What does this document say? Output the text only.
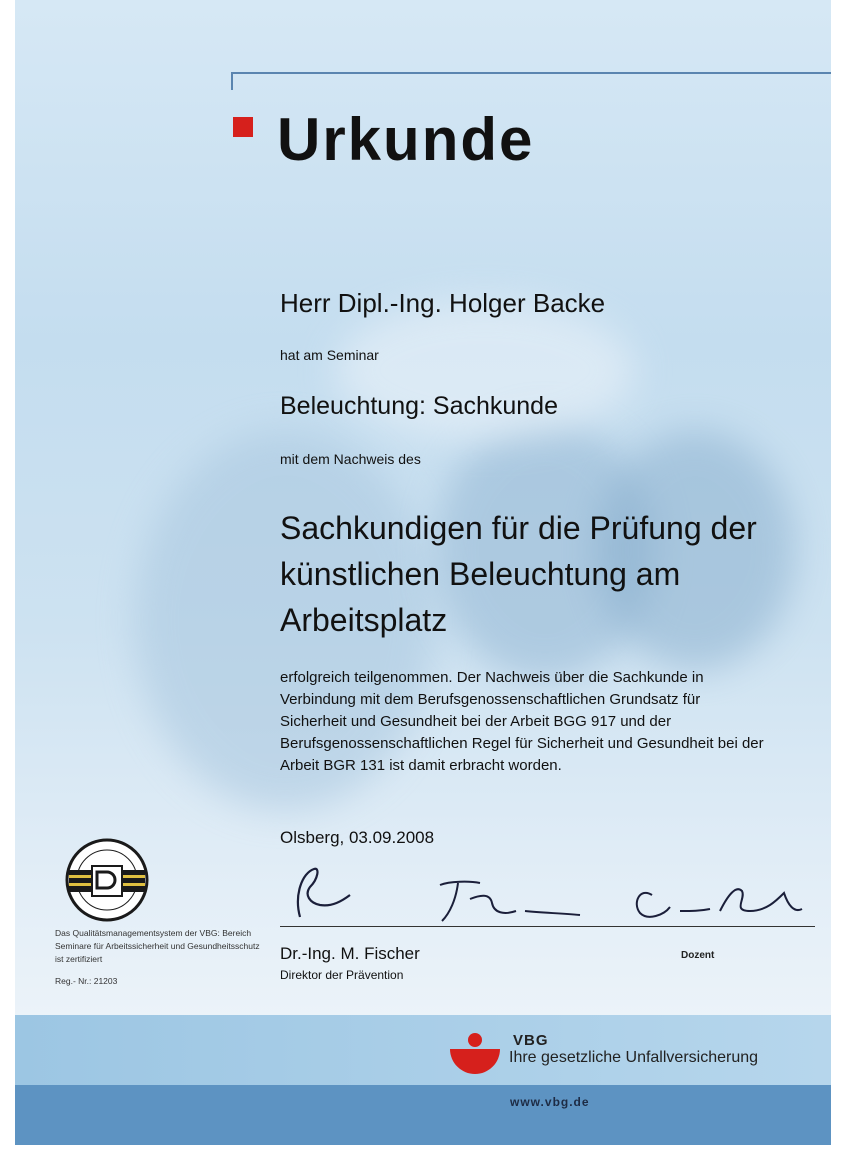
Urkunde

Herr Dipl.-Ing. Holger Backe

hat am Seminar

Beleuchtung: Sachkunde

mit dem Nachweis des

Sachkundigen für die Prüfung der künstlichen Beleuchtung am Arbeitsplatz

erfolgreich teilgenommen. Der Nachweis über die Sachkunde in Verbindung mit dem Berufsgenossenschaftlichen Grundsatz für Sicherheit und Gesundheit bei der Arbeit BGG 917 und der Berufsgenossenschaftlichen Regel für Sicherheit und Gesundheit bei der Arbeit BGR 131 ist damit erbracht worden.

Olsberg, 03.09.2008

Dr.-Ing. M. Fischer

Direktor der Prävention

Dozent

Das Qualitätsmanagementsystem der VBG: Bereich Seminare für Arbeitssicherheit und Gesundheitsschutz ist zertifiziert

Reg.- Nr.: 21203

VBG

Ihre gesetzliche Unfallversicherung

www.vbg.de
